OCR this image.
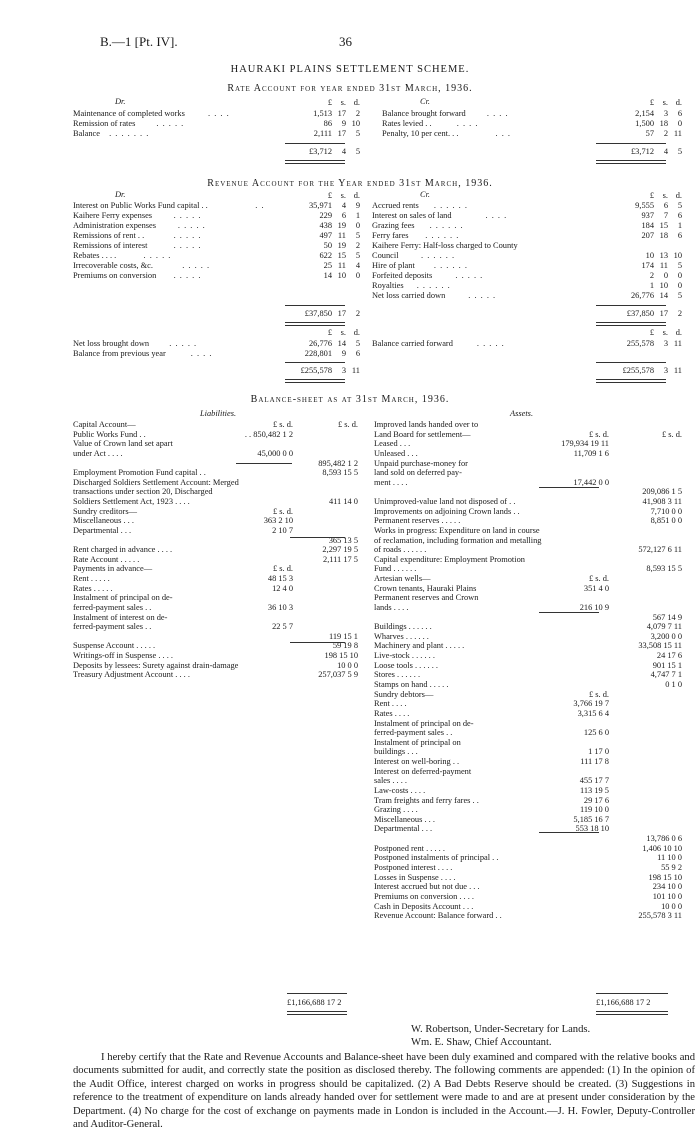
B.—1 [Pt. IV].	36
HAURAKI PLAINS SETTLEMENT SCHEME.
Rate Account for year ended 31st March, 1936.
Dr.	Cr.
£	s. d.	£	s. d.
Maintenance of completed works	. . . .	1,513 17	2
Remission of rates	. . . . .	86	9 10
Balance . . . . . . .	2,111 17	5
Balance brought forward	. . . .	2,154	3	6
Rates levied . .	. . . .	1,500 18	0
Penalty, 10 per cent. . .	. . .	57	2 11
£3,712	4	5	£3,712	4	5
Revenue Account for the Year ended 31st March, 1936.
Dr.	Cr.
£	s. d.	£	s. d.
Interest on Public Works Fund capital . .	. .	35,971	4	9
Kaihere Ferry expenses	. . . . .	229	6	1
Administration expenses	. . . . .	438 19	0
Remissions of rent . .	. . . . .	497 11	5
Remissions of interest	. . . . .	50 19	2
Rebates . . . .	. . . . .	622 15	5
Irrecoverable costs, &c.	. . . . .	25 11	4
Premiums on conversion . . . . .	14 10	0
Accrued rents . . . . . .	9,555	6	5
Interest on sales of land	. . . .	937	7	6
Grazing fees . . . . . .	184 15	1
Ferry fares . . . . . .	207 18	6
Kaihere Ferry: Half-loss charged to County
Council	. . . . . .	10 13 10
Hire of plant . . . . . .	174 11	5
Forfeited deposits	. . . . .	2	0	0
Royalties . . . . . .	1 10	0
Net loss carried down	. . . . .	26,776 14	5
£37,850 17	2	£37,850 17	2
£	s. d.	£	s. d.
Net loss brought down . . . . .	26,776 14	5
Balance from previous year	. . . .	228,801	9	6
Balance carried forward	. . . . .	255,578	3 11
£255,578	3 11	£255,578	3 11
Balance-sheet as at 31st March, 1936.
Liabilities.	Assets.
Capital Account—	£ s. d.	£ s. d.
Public Works Fund . .	. . 850,482 1 2
Value of Crown land set apart
under Act . . . .	45,000 0 0
895,482 1 2
Employment Promotion Fund capital . .	8,593 15 5
Discharged Soldiers Settlement Account: Merged
transactions under section 20, Discharged
Soldiers Settlement Act, 1923 . . . .	411 14 0
Sundry creditors—	£ s. d.
Miscellaneous . . .	363 2 10
Departmental . . .	2 10 7
365 13 5
Rent charged in advance . . . .	2,297 19 5
Rate Account . . . . .	2,111 17 5
Payments in advance—	£ s. d.
Rent . . . . .	48 15 3
Rates . . . . .	12 4 0
Instalment of principal on de-
ferred-payment sales . .	36 10 3
Instalment of interest on de-
ferred-payment sales . .	22 5 7
119 15 1
Suspense Account . . . . .	59 19 8
Writings-off in Suspense . . . .	198 15 10
Deposits by lessees: Surety against drain-damage	10 0 0
Treasury Adjustment Account . . . .	257,037 5 9
Improved lands handed over to
Land Board for settlement—	£ s. d.	£ s. d.
Leased . . .	179,934 19 11
Unleased . . .	11,709 1 6
Unpaid purchase-money for
land sold on deferred pay-
ment . . . .	17,442 0 0
209,086 1 5
Unimproved-value land not disposed of . .	41,908 3 11
Improvements on adjoining Crown lands . .	7,710 0 0
Permanent reserves . . . . .	8,851 0 0
Works in progress: Expenditure on land in course
of reclamation, including formation and metalling
of roads . . . . . .	572,127 6 11
Capital expenditure: Employment Promotion
Fund . . . . . .	8,593 15 5
Artesian wells—	£ s. d.
Crown tenants, Hauraki Plains	351 4 0
Permanent reserves and Crown
lands . . . .	216 10 9
567 14 9
Buildings . . . . . .	4,079 7 11
Wharves . . . . . .	3,200 0 0
Machinery and plant . . . . .	33,508 15 11
Live-stock . . . . . .	24 17 6
Loose tools . . . . . .	901 15 1
Stores . . . . . .	4,747 7 1
Stamps on hand . . . . .	0 1 0
Sundry debtors—	£ s. d.
Rent . . . .	3,766 19 7
Rates . . . .	3,315 6 4
Instalment of principal on de-
ferred-payment sales . .	125 6 0
Instalment of principal on
buildings . . .	1 17 0
Interest on well-boring . .	111 17 8
Interest on deferred-payment
sales . . . .	455 17 7
Law-costs . . . .	113 19 5
Tram freights and ferry fares . .	29 17 6
Grazing . . . .	119 10 0
Miscellaneous . . .	5,185 16 7
Departmental . . .	553 18 10
13,786 0 6
Postponed rent . . . . .	1,406 10 10
Postponed instalments of principal . .	11 10 0
Postponed interest . . . .	55 9 2
Losses in Suspense . . . .	198 15 10
Interest accrued but not due . . .	234 10 0
Premiums on conversion . . . .	101 10 0
Cash in Deposits Account . . .	10 0 0
Revenue Account: Balance forward . .	255,578 3 11
£1,166,688 17 2	£1,166,688 17 2
W. Robertson, Under-Secretary for Lands.
Wm. E. Shaw, Chief Accountant.
I hereby certify that the Rate and Revenue Accounts and Balance-sheet have been duly examined and compared with the relative books and documents submitted for audit, and correctly state the position as disclosed thereby. The following comments are appended: (1) In the opinion of the Audit Office, interest charged on works in progress should be capitalized. (2) A Bad Debts Reserve should be created. (3) Suggestions in reference to the treatment of expenditure on lands already handed over for settlement were made to and are at present under consideration by the Department. (4) No charge for the cost of exchange on payments made in London is included in the Account.—J. H. Fowler, Deputy-Controller and Auditor-General.
